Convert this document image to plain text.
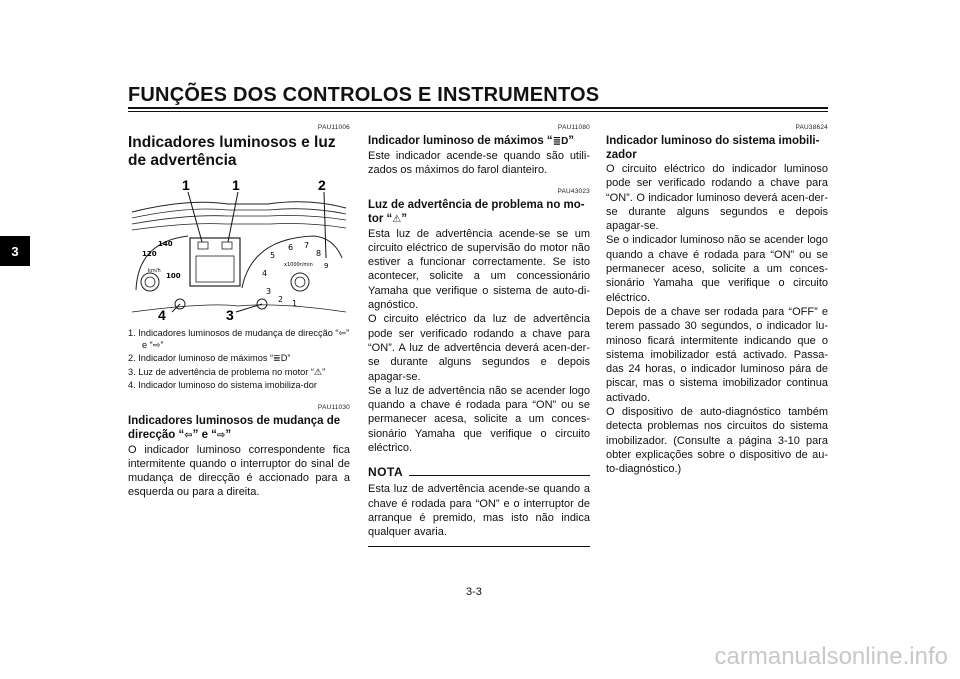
FUNÇÕES DOS CONTROLOS E INSTRUMENTOS
3
PAU11006
Indicadores luminosos e luz de advertência
120
140
km/h
100
5
6 7
8
9
4
3
2 1
x1000r/min
1	1	2
4	3
1. Indicadores luminosos de mudança de direcção “⇦” e “⇨”
2. Indicador luminoso de máximos “≣D”
3. Luz de advertência de problema no motor “⚠”
4. Indicador luminoso do sistema imobiliza-dor
PAU11030
Indicadores luminosos de mudança de direcção “⇦” e “⇨”
O indicador luminoso correspondente fica intermitente quando o interruptor do sinal de mudança de direcção é accionado para a esquerda ou para a direita.
PAU11080
Indicador luminoso de máximos “≣D”
Este indicador acende-se quando são utili-zados os máximos do farol dianteiro.
PAU43023
Luz de advertência de problema no mo-tor “⚠”
Esta luz de advertência acende-se se um circuito eléctrico de supervisão do motor não estiver a funcionar correctamente. Se isto acontecer, solicite a um concessionário Yamaha que verifique o sistema de auto-di-agnóstico.
O circuito eléctrico da luz de advertência pode ser verificado rodando a chave para “ON”. A luz de advertência deverá acen-der-se durante alguns segundos e depois apagar-se.
Se a luz de advertência não se acender logo quando a chave é rodada para “ON” ou se permanecer acesa, solicite a um conces-sionário Yamaha que verifique o circuito eléctrico.
NOTA
Esta luz de advertência acende-se quando a chave é rodada para “ON” e o interruptor de arranque é premido, mas isto não indica qualquer avaria.
PAU38624
Indicador luminoso do sistema imobili-zador
O circuito eléctrico do indicador luminoso pode ser verificado rodando a chave para “ON”. O indicador luminoso deverá acen-der-se durante alguns segundos e depois apagar-se.
Se o indicador luminoso não se acender logo quando a chave é rodada para “ON” ou se permanecer aceso, solicite a um conces-sionário Yamaha que verifique o circuito eléctrico.
Depois de a chave ser rodada para “OFF” e terem passado 30 segundos, o indicador lu-minoso ficará intermitente indicando que o sistema imobilizador está activado. Passa-das 24 horas, o indicador luminoso pára de piscar, mas o sistema imobilizador continua activado.
O dispositivo de auto-diagnóstico também detecta problemas nos circuitos do sistema imobilizador. (Consulte a página 3-10 para obter explicações sobre o dispositivo de au-to-diagnóstico.)
3-3
carmanualsonline.info
